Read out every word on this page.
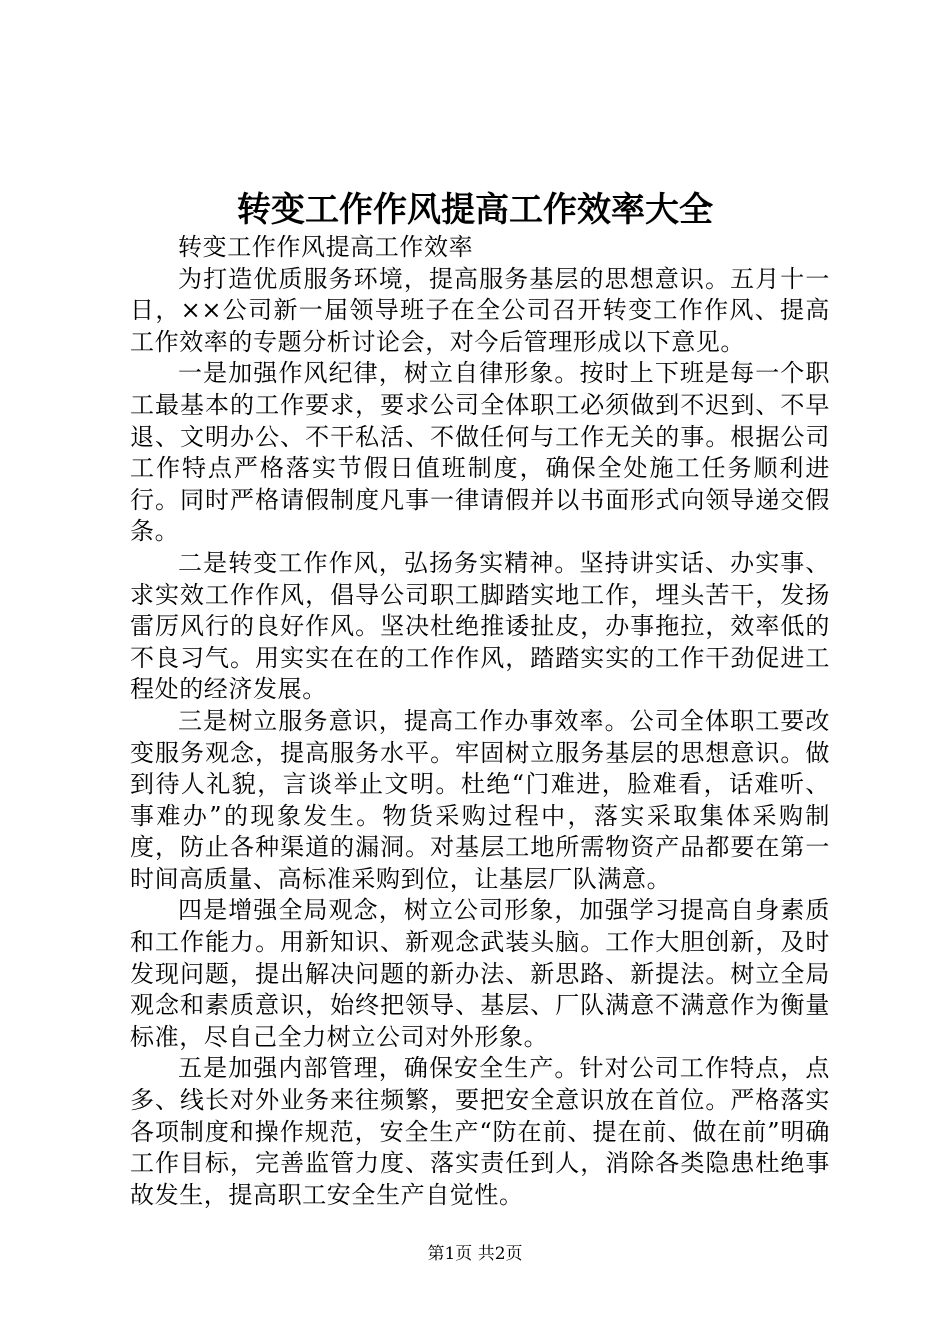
转变工作作风提高工作效率大全

转变工作作风提高工作效率

为打造优质服务环境，提高服务基层的思想意识。五月十一日，××公司新一届领导班子在全公司召开转变工作作风、提高工作效率的专题分析讨论会，对今后管理形成以下意见。

一是加强作风纪律，树立自律形象。按时上下班是每一个职工最基本的工作要求，要求公司全体职工必须做到不迟到、不早退、文明办公、不干私活、不做任何与工作无关的事。根据公司工作特点严格落实节假日值班制度，确保全处施工任务顺利进行。同时严格请假制度凡事一律请假并以书面形式向领导递交假条。

二是转变工作作风，弘扬务实精神。坚持讲实话、办实事、求实效工作作风，倡导公司职工脚踏实地工作，埋头苦干，发扬雷厉风行的良好作风。坚决杜绝推诿扯皮，办事拖拉，效率低的不良习气。用实实在在的工作作风，踏踏实实的工作干劲促进工程处的经济发展。

三是树立服务意识，提高工作办事效率。公司全体职工要改变服务观念，提高服务水平。牢固树立服务基层的思想意识。做到待人礼貌，言谈举止文明。杜绝“门难进，脸难看，话难听、事难办”的现象发生。物货采购过程中，落实采取集体采购制度，防止各种渠道的漏洞。对基层工地所需物资产品都要在第一时间高质量、高标准采购到位，让基层厂队满意。

四是增强全局观念，树立公司形象，加强学习提高自身素质和工作能力。用新知识、新观念武装头脑。工作大胆创新，及时发现问题，提出解决问题的新办法、新思路、新提法。树立全局观念和素质意识，始终把领导、基层、厂队满意不满意作为衡量标准，尽自己全力树立公司对外形象。

五是加强内部管理，确保安全生产。针对公司工作特点，点多、线长对外业务来往频繁，要把安全意识放在首位。严格落实各项制度和操作规范，安全生产“防在前、提在前、做在前”明确工作目标，完善监管力度、落实责任到人，消除各类隐患杜绝事故发生，提高职工安全生产自觉性。

第1页 共2页
